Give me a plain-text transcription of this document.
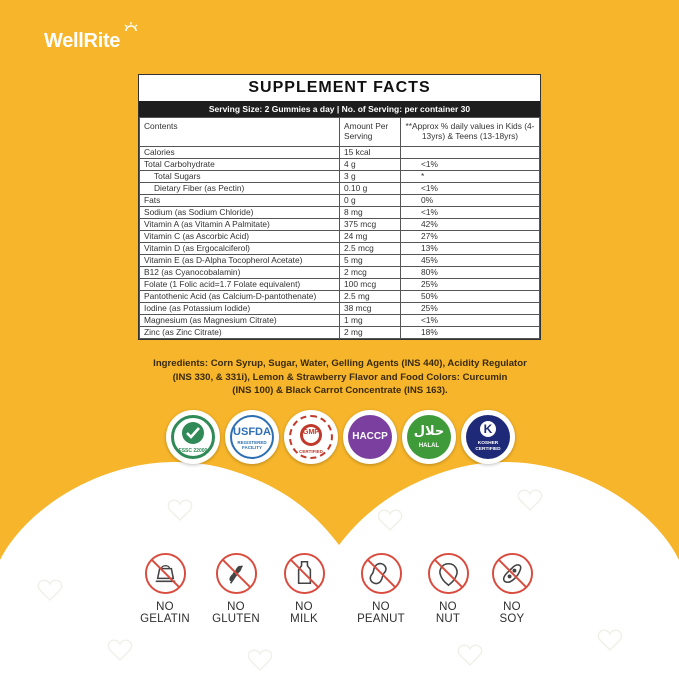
WellRite
SUPPLEMENT FACTS
Serving Size: 2 Gummies a day | No. of Serving: per container 30
Contents	Amount Per Serving	**Approx % daily values in Kids (4-13yrs) & Teens (13-18yrs)
Calories	15 kcal	
Total Carbohydrate	4 g	<1%
Total Sugars	3 g	*
Dietary Fiber (as Pectin)	0.10 g	<1%
Fats	0 g	0%
Sodium (as Sodium Chloride)	8 mg	<1%
Vitamin A (as Vitamin A Palmitate)	375 mcg	42%
Vitamin C (as Ascorbic Acid)	24 mg	27%
Vitamin D (as Ergocalciferol)	2.5 mcg	13%
Vitamin E (as D-Alpha Tocopherol Acetate)	5 mg	45%
B12 (as Cyanocobalamin)	2 mcg	80%
Folate (1 Folic acid=1.7 Folate equivalent)	100 mcg	25%
Pantothenic Acid (as Calcium-D-pantothenate)	2.5 mg	50%
Iodine (as Potassium Iodide)	38 mcg	25%
Magnesium (as Magnesium Citrate)	1 mg	<1%
Zinc (as Zinc Citrate)	2 mg	18%
Ingredients: Corn Syrup, Sugar, Water, Gelling Agents (INS 440), Acidity Regulator
(INS 330, & 331i), Lemon & Strawberry Flavor and Food Colors: Curcumin
(INS 100) & Black Carrot Concentrate (INS 163).
FSSC 22000
USFDA
REGISTERED FACILITY
GMP
CERTIFIED
HACCP	حلال
HALAL
K
KOSHER CERTIFIED
NO
GELATIN
NO
GLUTEN
NO
MILK
NO
PEANUT
NO
NUT
NO
SOY
